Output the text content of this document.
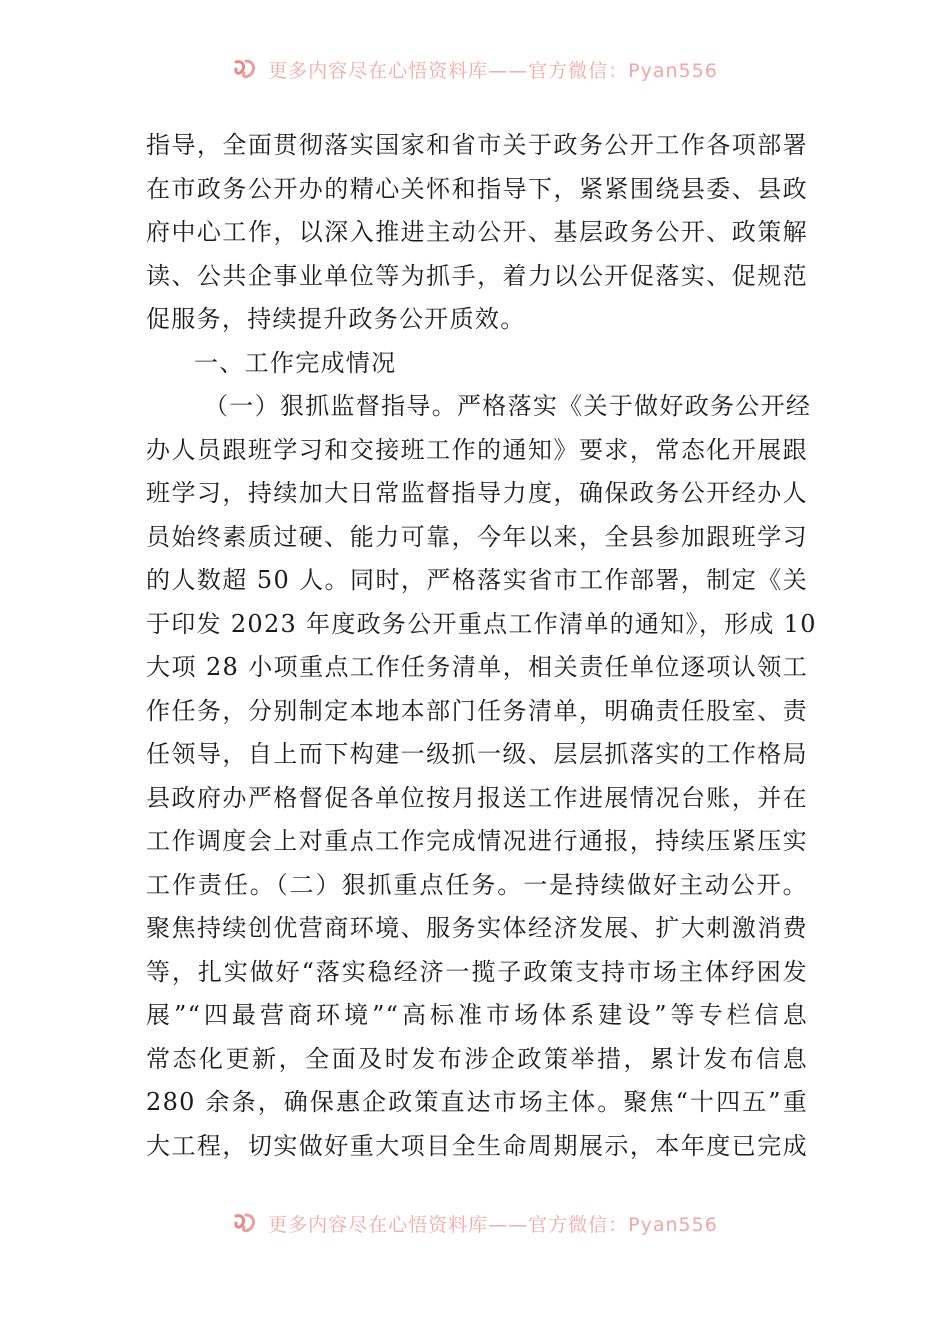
更多内容尽在心悟资料库——官方微信：Pyan556
指导，全面贯彻落实国家和省市关于政务公开工作各项部署
在市政务公开办的精心关怀和指导下，紧紧围绕县委、县政
府中心工作，以深入推进主动公开、基层政务公开、政策解
读、公共企事业单位等为抓手，着力以公开促落实、促规范
促服务，持续提升政务公开质效。
一、工作完成情况
（一）狠抓监督指导。严格落实《关于做好政务公开经
办人员跟班学习和交接班工作的通知》要求，常态化开展跟
班学习，持续加大日常监督指导力度，确保政务公开经办人
员始终素质过硬、能力可靠，今年以来，全县参加跟班学习
的人数超 50 人。同时，严格落实省市工作部署，制定《关
于印发 2023 年度政务公开重点工作清单的通知》，形成 10
大项 28 小项重点工作任务清单，相关责任单位逐项认领工
作任务，分别制定本地本部门任务清单，明确责任股室、责
任领导，自上而下构建一级抓一级、层层抓落实的工作格局
县政府办严格督促各单位按月报送工作进展情况台账，并在
工作调度会上对重点工作完成情况进行通报，持续压紧压实
工作责任。（二）狠抓重点任务。一是持续做好主动公开。
聚焦持续创优营商环境、服务实体经济发展、扩大刺激消费
等，扎实做好“落实稳经济一揽子政策支持市场主体纾困发
展”“四最营商环境”“高标准市场体系建设”等专栏信息
常态化更新，全面及时发布涉企政策举措，累计发布信息
280 余条，确保惠企政策直达市场主体。聚焦“十四五”重
大工程，切实做好重大项目全生命周期展示，本年度已完成
更多内容尽在心悟资料库——官方微信：Pyan556
